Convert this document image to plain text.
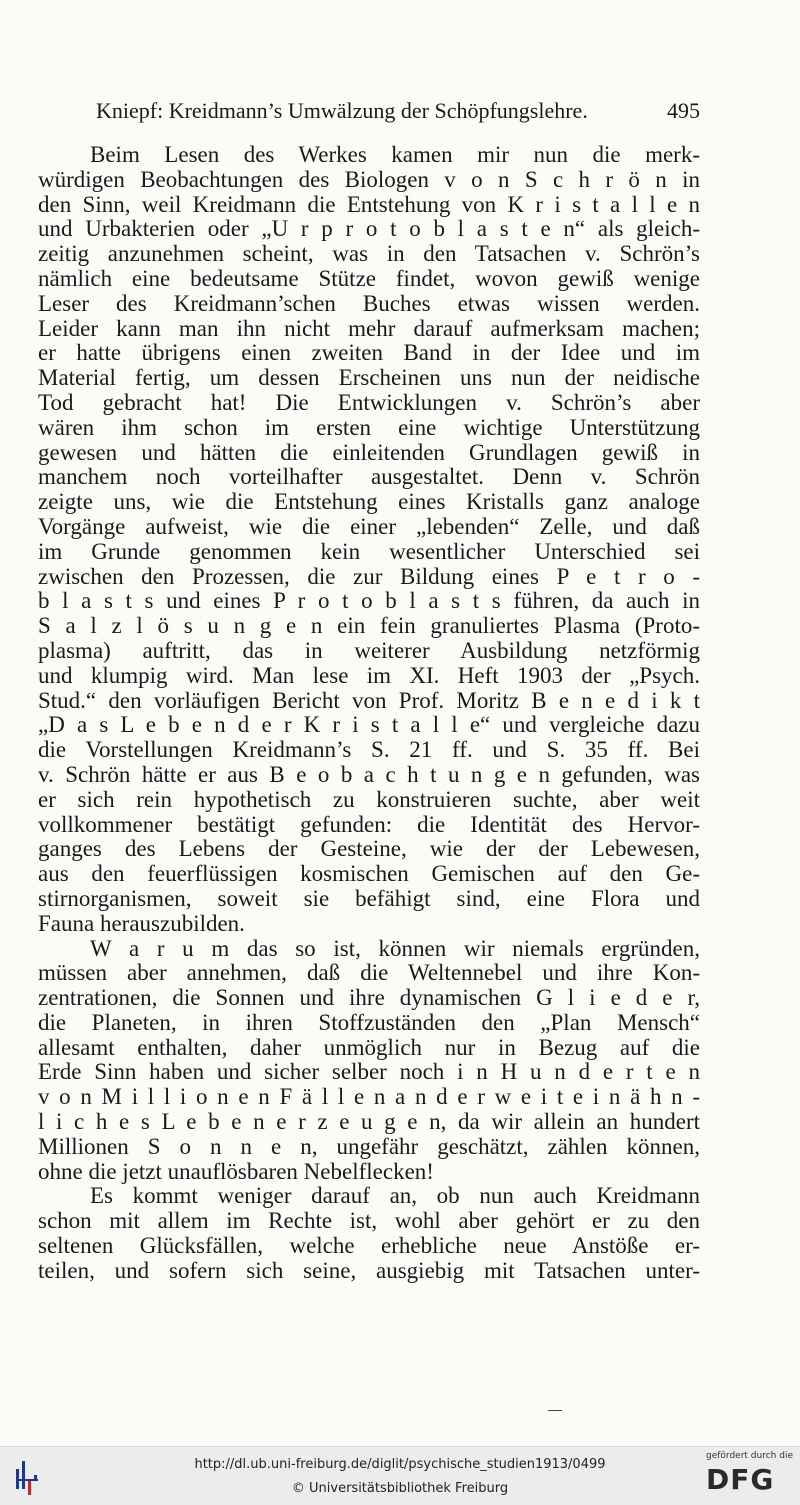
Kniepf: Kreidmann’s Umwälzung der Schöpfungslehre.	495
Beim Lesen des Werkes kamen mir nun die merk-
würdigen Beobachtungen des Biologen v o n S c h r ö n in
den Sinn, weil Kreidmann die Entstehung von K r i s t a l l e n
und Urbakterien oder „U r p r o t o b l a s t e n“ als gleich-
zeitig anzunehmen scheint, was in den Tatsachen v. Schrön’s
nämlich eine bedeutsame Stütze findet, wovon gewiß wenige
Leser des Kreidmann’schen Buches etwas wissen werden.
Leider kann man ihn nicht mehr darauf aufmerksam machen;
er hatte übrigens einen zweiten Band in der Idee und im
Material fertig, um dessen Erscheinen uns nun der neidische
Tod gebracht hat! Die Entwicklungen v. Schrön’s aber
wären ihm schon im ersten eine wichtige Unterstützung
gewesen und hätten die einleitenden Grundlagen gewiß in
manchem noch vorteilhafter ausgestaltet. Denn v. Schrön
zeigte uns, wie die Entstehung eines Kristalls ganz analoge
Vorgänge aufweist, wie die einer „lebenden“ Zelle, und daß
im Grunde genommen kein wesentlicher Unterschied sei
zwischen den Prozessen, die zur Bildung eines P e t r o -
b l a s t s und eines P r o t o b l a s t s führen, da auch in
S a l z l ö s u n g e n ein fein granuliertes Plasma (Proto-
plasma) auftritt, das in weiterer Ausbildung netzförmig
und klumpig wird. Man lese im XI. Heft 1903 der „Psych.
Stud.“ den vorläufigen Bericht von Prof. Moritz B e n e d i k t
„D a s L e b e n d e r K r i s t a l l e“ und vergleiche dazu
die Vorstellungen Kreidmann’s S. 21 ff. und S. 35 ff. Bei
v. Schrön hätte er aus B e o b a c h t u n g e n gefunden, was
er sich rein hypothetisch zu konstruieren suchte, aber weit
vollkommener bestätigt gefunden: die Identität des Hervor-
ganges des Lebens der Gesteine, wie der der Lebewesen,
aus den feuerflüssigen kosmischen Gemischen auf den Ge-
stirnorganismen, soweit sie befähigt sind, eine Flora und
Fauna herauszubilden.
W a r u m das so ist, können wir niemals ergründen,
müssen aber annehmen, daß die Weltennebel und ihre Kon-
zentrationen, die Sonnen und ihre dynamischen G l i e d e r,
die Planeten, in ihren Stoffzuständen den „Plan Mensch“
allesamt enthalten, daher unmöglich nur in Bezug auf die
Erde Sinn haben und sicher selber noch i n H u n d e r t e n
v o n M i l l i o n e n F ä l l e n a n d e r w e i t e i n ä h n -
l i c h e s L e b e n e r z e u g e n, da wir allein an hundert
Millionen S o n n e n, ungefähr geschätzt, zählen können,
ohne die jetzt unauflösbaren Nebelflecken!
Es kommt weniger darauf an, ob nun auch Kreidmann
schon mit allem im Rechte ist, wohl aber gehört er zu den
seltenen Glücksfällen, welche erhebliche neue Anstöße er-
teilen, und sofern sich seine, ausgiebig mit Tatsachen unter-
http://dl.ub.uni-freiburg.de/diglit/psychische_studien1913/0499
© Universitätsbibliothek Freiburg
gefördert durch die
DFG
